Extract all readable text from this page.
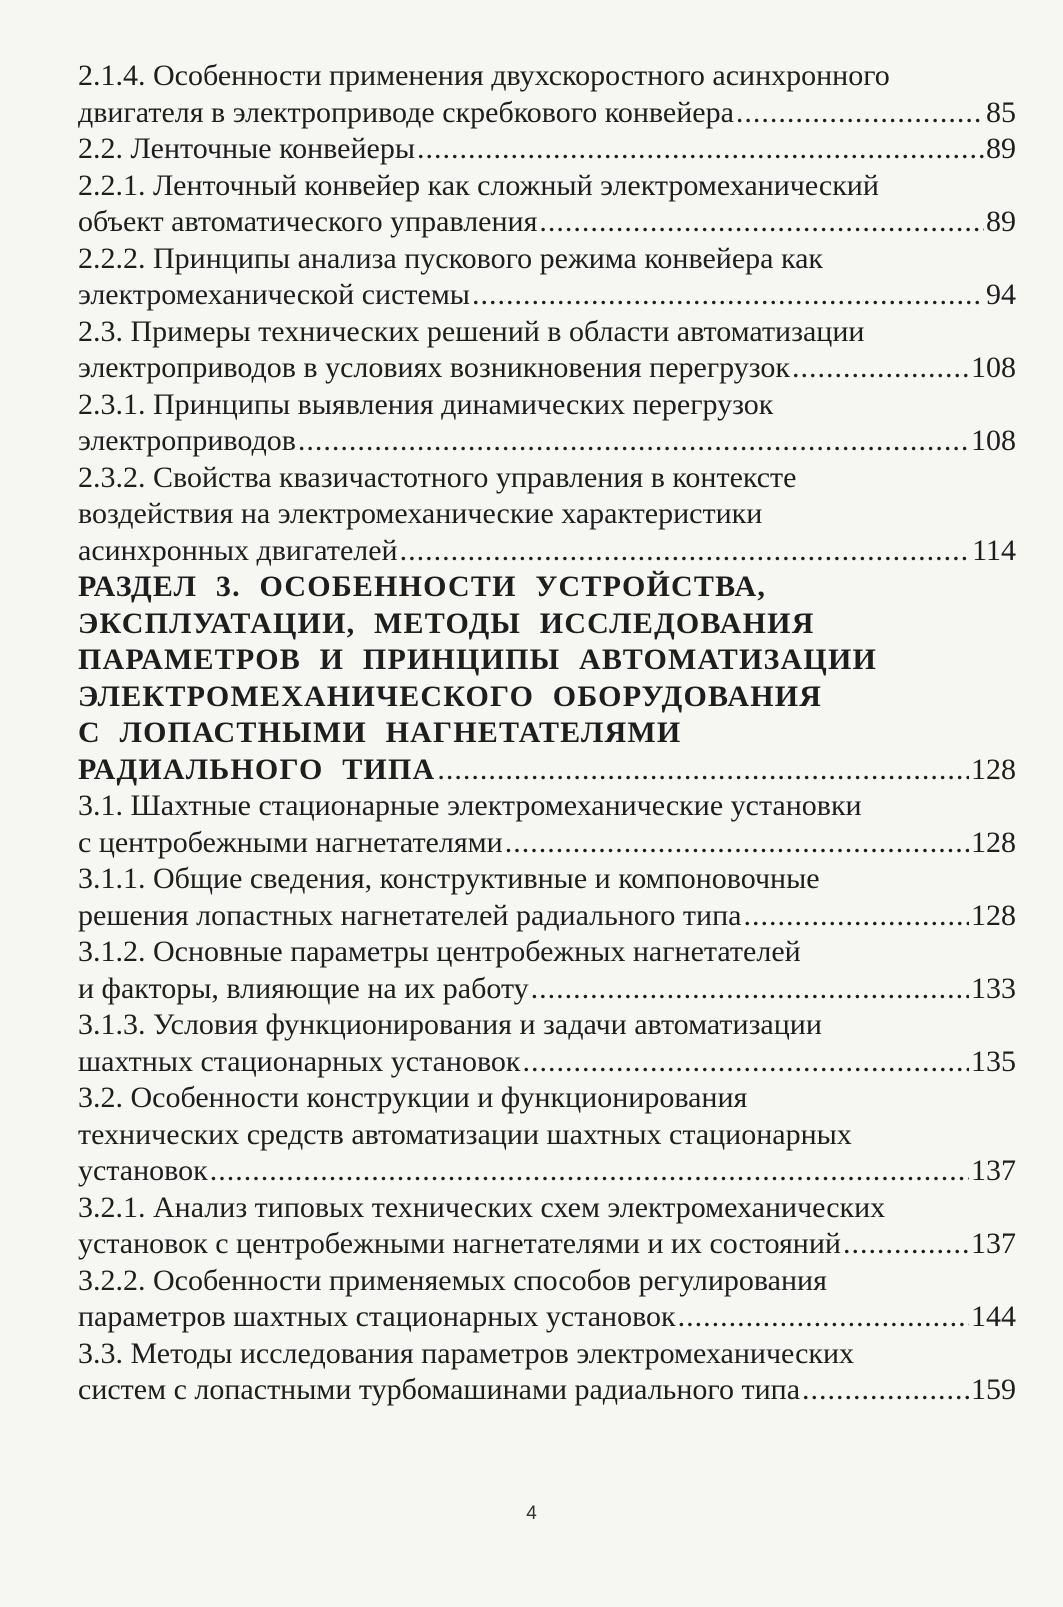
2.1.4. Особенности применения двухскоростного асинхронного
двигателя в электроприводе скребкового конвейера .....	85
2.2. Ленточные конвейеры .....	89
2.2.1. Ленточный конвейер как сложный электромеханический
объект автоматического управления .....	89
2.2.2. Принципы анализа пускового режима конвейера как
электромеханической системы .....	94
2.3. Примеры технических решений в области автоматизации
электроприводов в условиях возникновения перегрузок .....	108
2.3.1. Принципы выявления динамических перегрузок
электроприводов .....	108
2.3.2. Свойства квазичастотного управления в контексте
воздействия на электромеханические характеристики
асинхронных двигателей .....	114
РАЗДЕЛ 3. ОСОБЕННОСТИ УСТРОЙСТВА,
ЭКСПЛУАТАЦИИ, МЕТОДЫ ИССЛЕДОВАНИЯ
ПАРАМЕТРОВ И ПРИНЦИПЫ АВТОМАТИЗАЦИИ
ЭЛЕКТРОМЕХАНИЧЕСКОГО ОБОРУДОВАНИЯ
С ЛОПАСТНЫМИ НАГНЕТАТЕЛЯМИ
РАДИАЛЬНОГО ТИПА .....	128
3.1. Шахтные стационарные электромеханические установки
с центробежными нагнетателями .....	128
3.1.1. Общие сведения, конструктивные и компоновочные
решения лопастных нагнетателей радиального типа .....	128
3.1.2. Основные параметры центробежных нагнетателей
и факторы, влияющие на их работу .....	133
3.1.3. Условия функционирования и задачи автоматизации
шахтных стационарных установок .....	135
3.2. Особенности конструкции и функционирования
технических средств автоматизации шахтных стационарных
установок .....	137
3.2.1. Анализ типовых технических схем электромеханических
установок с центробежными нагнетателями и их состояний .....	137
3.2.2. Особенности применяемых способов регулирования
параметров шахтных стационарных установок .....	144
3.3. Методы исследования параметров электромеханических
систем с лопастными турбомашинами радиального типа .....	159
4
